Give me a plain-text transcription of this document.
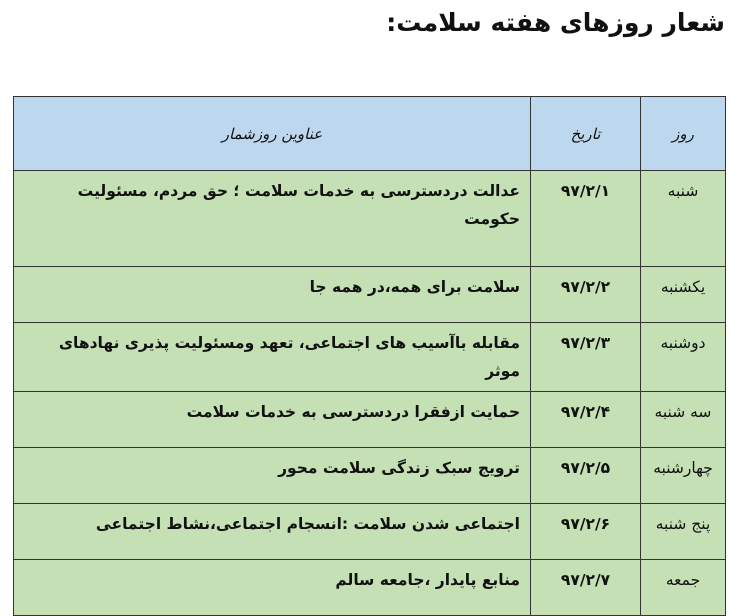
شعار روزهای هفته سلامت:
روز	تاریخ	عناوین روزشمار
شنبه	۹۷/۲/۱	عدالت دردسترسی به خدمات سلامت ؛ حق مردم، مسئولیت حکومت
یکشنبه	۹۷/۲/۲	سلامت برای همه،در همه جا
دوشنبه	۹۷/۲/۳	مقابله باآسیب های اجتماعی، تعهد ومسئولیت پذیری نهادهای موثر
سه شنبه	۹۷/۲/۴	حمایت ازفقرا دردسترسی به خدمات سلامت
چهارشنبه	۹۷/۲/۵	ترویج سبک زندگی سلامت محور
پنج شنبه	۹۷/۲/۶	اجتماعی شدن سلامت :انسجام اجتماعی،نشاط اجتماعی
جمعه	۹۷/۲/۷	منابع پایدار ،جامعه سالم
